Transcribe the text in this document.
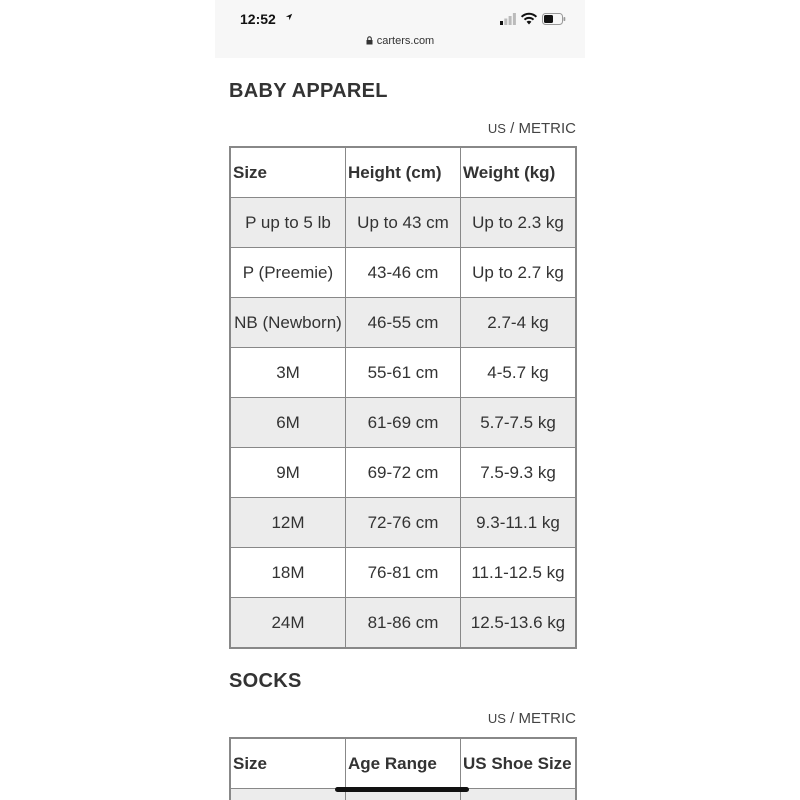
12:52
carters.com
BABY APPAREL
US / METRIC
Size	Height (cm)	Weight (kg)
P up to 5 lb	Up to 43 cm	Up to 2.3 kg
P (Preemie)	43-46 cm	Up to 2.7 kg
NB (Newborn)	46-55 cm	2.7-4 kg
3M	55-61 cm	4-5.7 kg
6M	61-69 cm	5.7-7.5 kg
9M	69-72 cm	7.5-9.3 kg
12M	72-76 cm	9.3-11.1 kg
18M	76-81 cm	11.1-12.5 kg
24M	81-86 cm	12.5-13.6 kg
SOCKS
US / METRIC
Size	Age Range	US Shoe Size
